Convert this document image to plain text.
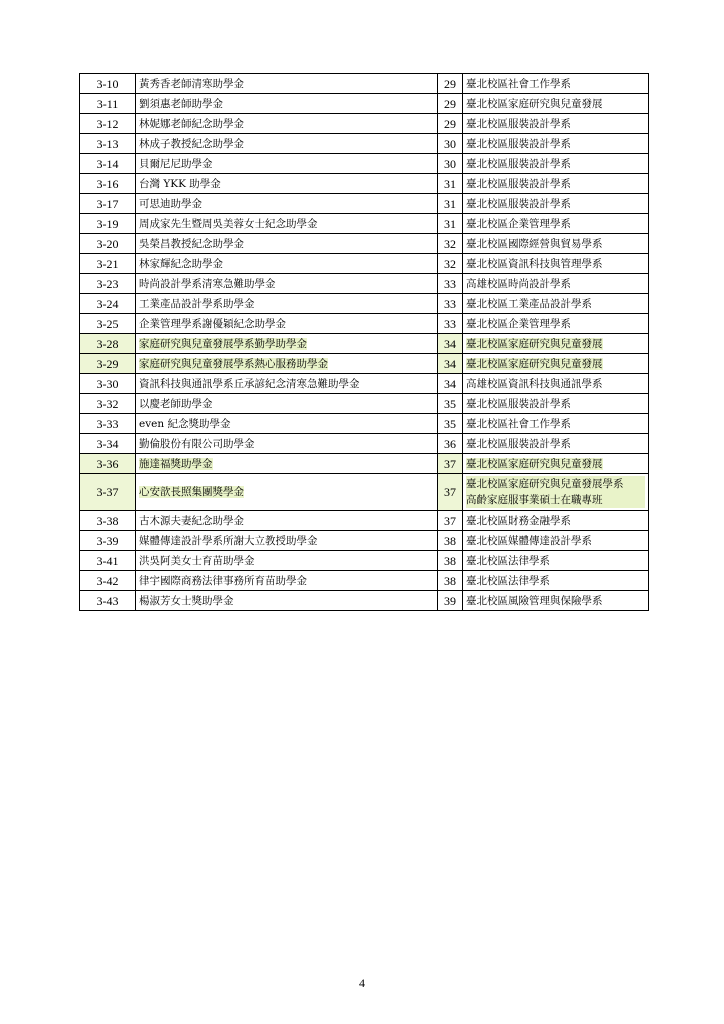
3-10	黃秀香老師清寒助學金	29	臺北校區社會工作學系
3-11	劉須惠老師助學金	29	臺北校區家庭研究與兒童發展
3-12	林妮娜老師紀念助學金	29	臺北校區服裝設計學系
3-13	林成子教授紀念助學金	30	臺北校區服裝設計學系
3-14	貝爾尼尼助學金	30	臺北校區服裝設計學系
3-16	台灣 YKK 助學金	31	臺北校區服裝設計學系
3-17	可思迪助學金	31	臺北校區服裝設計學系
3-19	周成家先生暨周吳美蓉女士紀念助學金	31	臺北校區企業管理學系
3-20	吳榮昌教授紀念助學金	32	臺北校區國際經營與貿易學系
3-21	林家輝紀念助學金	32	臺北校區資訊科技與管理學系
3-23	時尚設計學系清寒急難助學金	33	高雄校區時尚設計學系
3-24	工業產品設計學系助學金	33	臺北校區工業產品設計學系
3-25	企業管理學系謝優穎紀念助學金	33	臺北校區企業管理學系
3-28	家庭研究與兒童發展學系勤學助學金	34	臺北校區家庭研究與兒童發展
3-29	家庭研究與兒童發展學系熱心服務助學金	34	臺北校區家庭研究與兒童發展
3-30	資訊科技與通訊學系丘承諺紀念清寒急難助學金	34	高雄校區資訊科技與通訊學系
3-32	以慶老師助學金	35	臺北校區服裝設計學系
3-33	even 紀念獎助學金	35	臺北校區社會工作學系
3-34	勤倫股份有限公司助學金	36	臺北校區服裝設計學系
3-36	施達福獎助學金	37	臺北校區家庭研究與兒童發展
3-37	心安歆長照集團獎學金	37	臺北校區家庭研究與兒童發展學系
高齡家庭服事業碩士在職專班

3-38	古木源夫妻紀念助學金	37	臺北校區財務金融學系
3-39	媒體傳達設計學系所謝大立教授助學金	38	臺北校區媒體傳達設計學系
3-41	洪吳阿美女士育苗助學金	38	臺北校區法律學系
3-42	律宇國際商務法律事務所育苗助學金	38	臺北校區法律學系
3-43	楊淑芳女士獎助學金	39	臺北校區風險管理與保險學系
4
